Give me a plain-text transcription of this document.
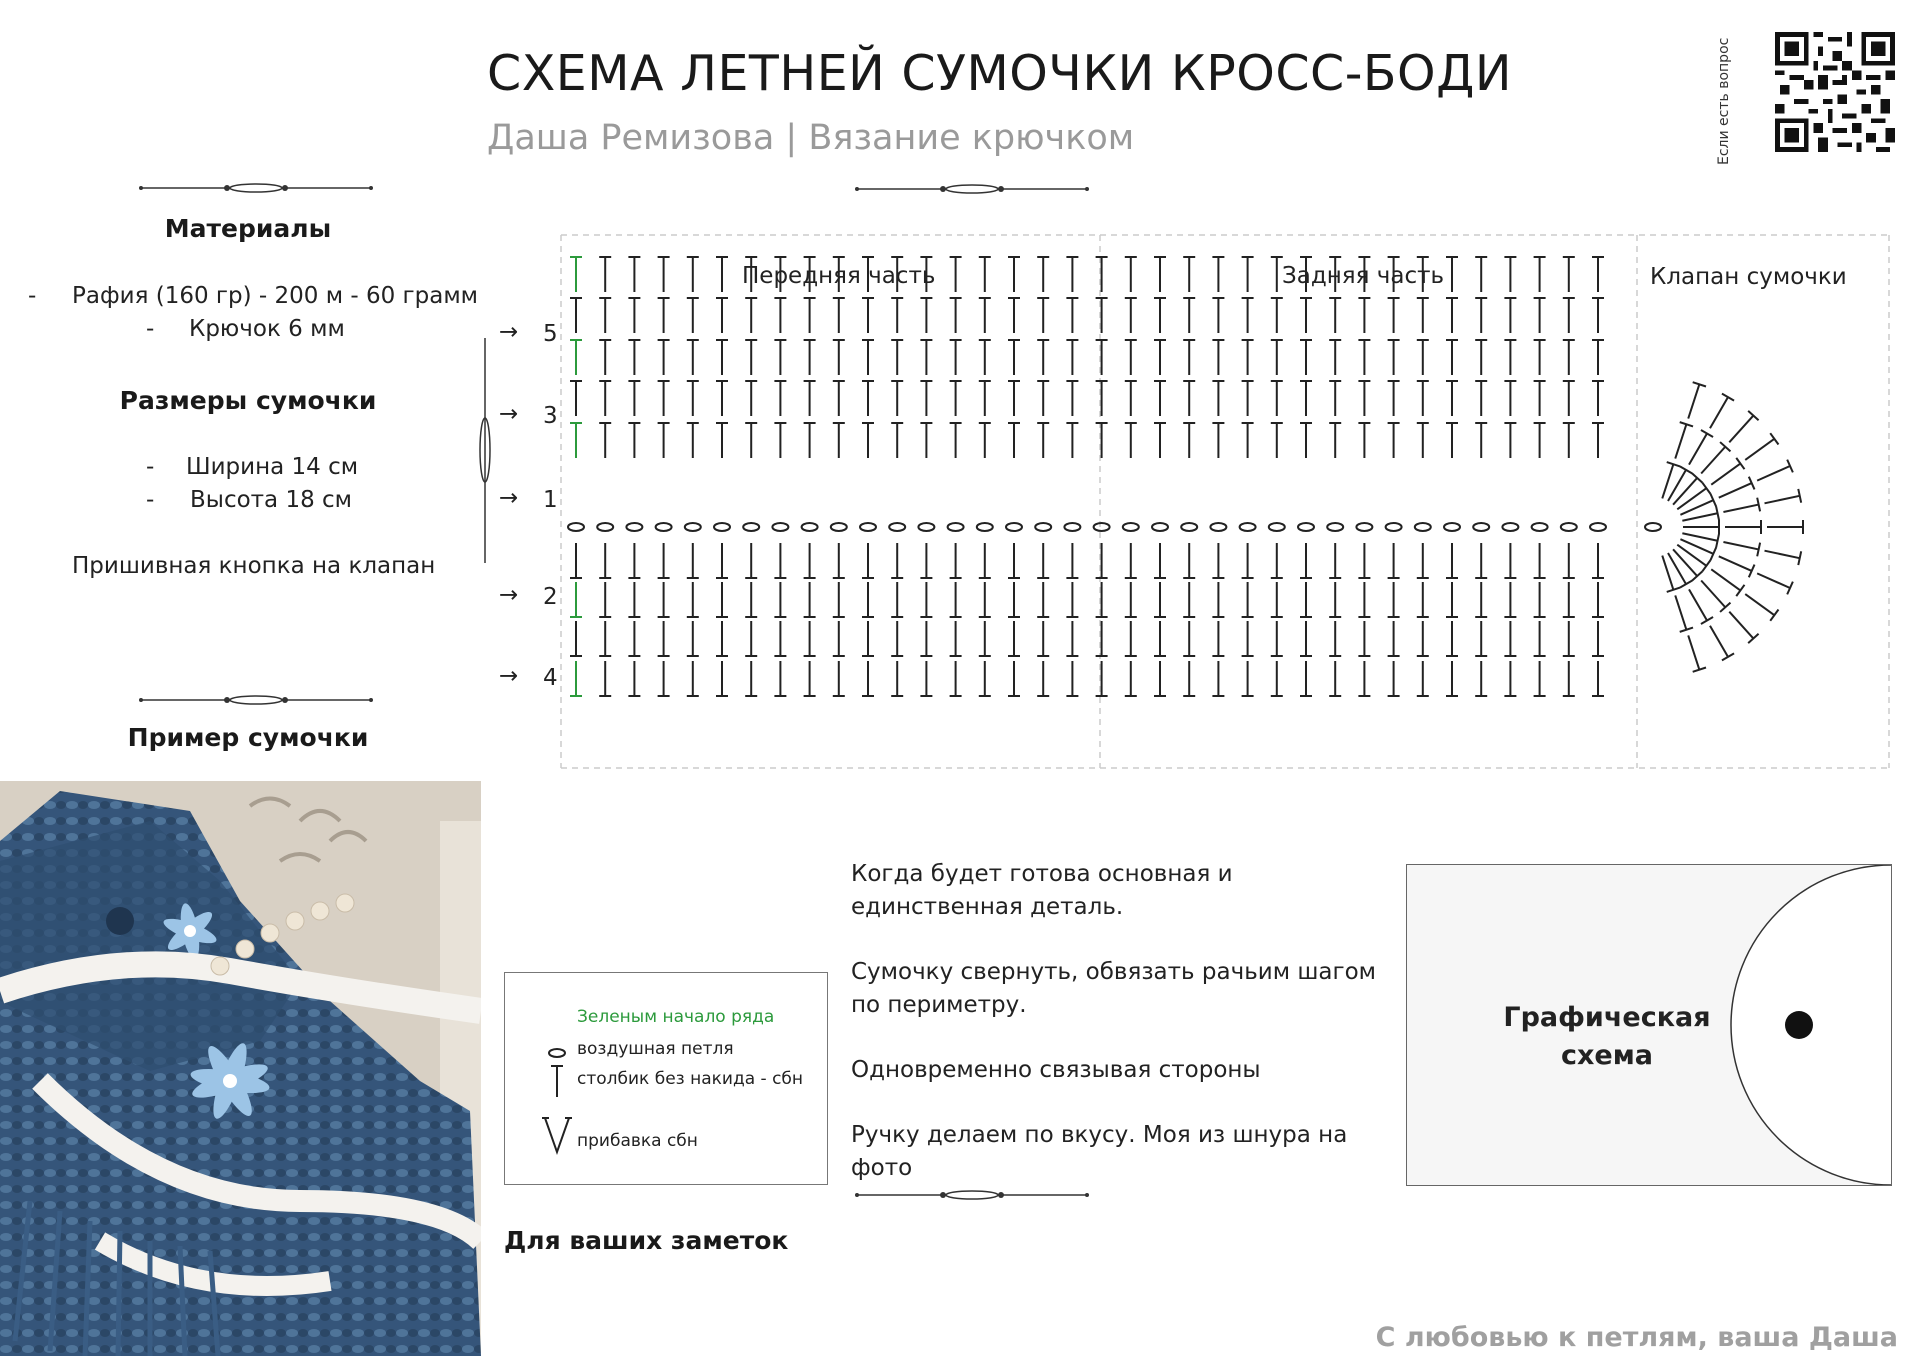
СХЕМА ЛЕТНЕЙ СУМОЧКИ КРОСС-БОДИ
Даша Ремизова | Вязание крючком	Если есть вопрос
Материалы
- Рафия (160 гр) - 200 м - 60 грамм
- Крючок 6 мм
Размеры сумочки
- Ширина 14 см
- Высота 18 см
Пришивная кнопка на клапан
Пример сумочки
Передняя часть	Задняя часть	Клапан сумочки
→ 5
→ 3
→ 1
→ 2
→ 4
Зеленым начало ряда
воздушная петля
столбик без накида - сбн
прибавка сбн
Для ваших заметок

Когда будет готова основная и единственная деталь.

Сумочку свернуть, обвязать рачьим шагом по периметру.

Одновременно связывая стороны

Ручку делаем по вкусу. Моя из шнура на фото

Графическая
схема
С любовью к петлям, ваша Даша
